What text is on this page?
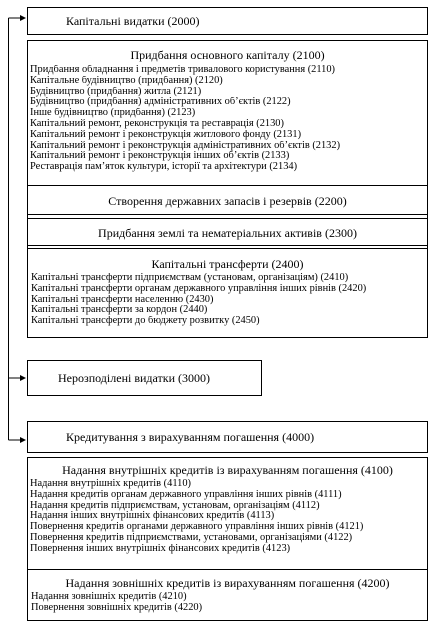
Капітальні видатки (2000)
Придбання основного капіталу (2100)
Придбання обладнання і предметів тривалового користування (2110)
Капітальне будівництво (придбання) (2120)
Будівництво (придбання) житла (2121)
Будівництво (придбання) адміністративних об’єктів (2122)
Інше будівництво (придбання) (2123)
Капітальний ремонт, реконструкція та реставрація (2130)
Капітальний ремонт і реконструкція житлового фонду (2131)
Капітальний ремонт і реконструкція адміністративних об’єктів (2132)
Капітальний ремонт і реконструкція інших об’єктів (2133)
Реставрація пам’яток культури, історії та архітектури (2134)
Створення державних запасів і резервів (2200)
Придбання землі та нематеріальних активів (2300)
Капітальні трансферти (2400)
Капітальні трансферти підприємствам (установам, організаціям) (2410)
Капітальні трансферти органам державного управління інших рівнів (2420)
Капітальні трансферти населенню (2430)
Капітальні трансферти за кордон (2440)
Капітальні трансферти до бюджету розвитку (2450)
Нерозподілені видатки (3000)
Кредитування з вирахуванням погашення (4000)
Надання внутрішніх кредитів із вирахуванням погашення (4100)
Надання внутрішніх кредитів (4110)
Надання кредитів органам державного управління інших рівнів (4111)
Надання кредитів підприємствам, установам, організаціям (4112)
Надання інших внутрішніх фінансових кредитів (4113)
Повернення кредитів органами державного управління інших рівнів (4121)
Повернення кредитів підприємствами, установами, організаціями (4122)
Повернення інших внутрішніх фінансових кредитів (4123)
Надання зовнішніх кредитів із вирахуванням погашення (4200)
Надання зовнішніх кредитів (4210)
Повернення зовнішніх кредитів (4220)
